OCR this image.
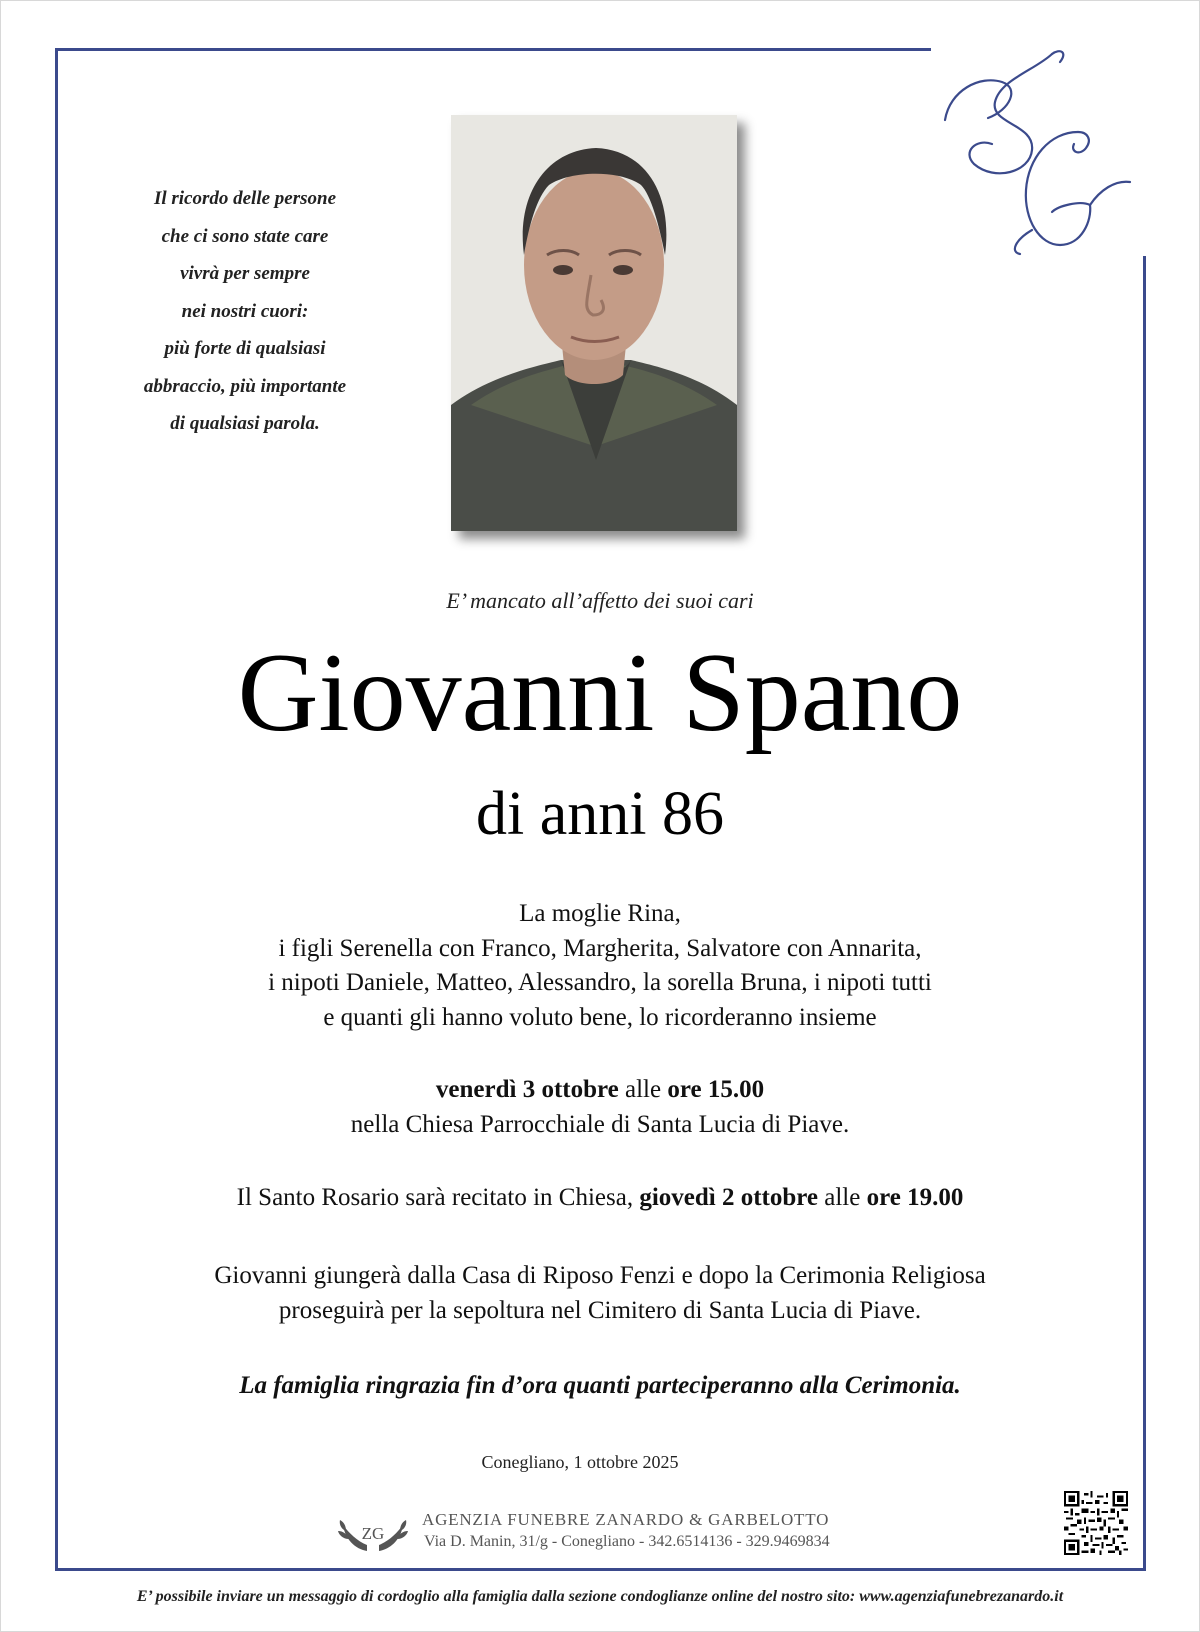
Il ricordo delle persone
che ci sono state care
vivrà per sempre
nei nostri cuori:
più forte di qualsiasi
abbraccio, più importante
di qualsiasi parola.
E’ mancato all’affetto dei suoi cari
Giovanni Spano
di anni 86
La moglie Rina,
i figli Serenella con Franco, Margherita, Salvatore con Annarita,
i nipoti Daniele, Matteo, Alessandro, la sorella Bruna, i nipoti tutti
e quanti gli hanno voluto bene, lo ricorderanno insieme
venerdì 3 ottobre alle ore 15.00
nella Chiesa Parrocchiale di Santa Lucia di Piave.
Il Santo Rosario sarà recitato in Chiesa, giovedì 2 ottobre alle ore 19.00
Giovanni giungerà dalla Casa di Riposo Fenzi e dopo la Cerimonia Religiosa
proseguirà per la sepoltura nel Cimitero di Santa Lucia di Piave.
La famiglia ringrazia fin d’ora quanti parteciperanno alla Cerimonia.
Conegliano, 1 ottobre 2025
ZG
AGENZIA FUNEBRE ZANARDO & GARBELOTTO
Via D. Manin, 31/g - Conegliano - 342.6514136 - 329.9469834
E’ possibile inviare un messaggio di cordoglio alla famiglia dalla sezione condoglianze online del nostro sito: www.agenziafunebrezanardo.it
